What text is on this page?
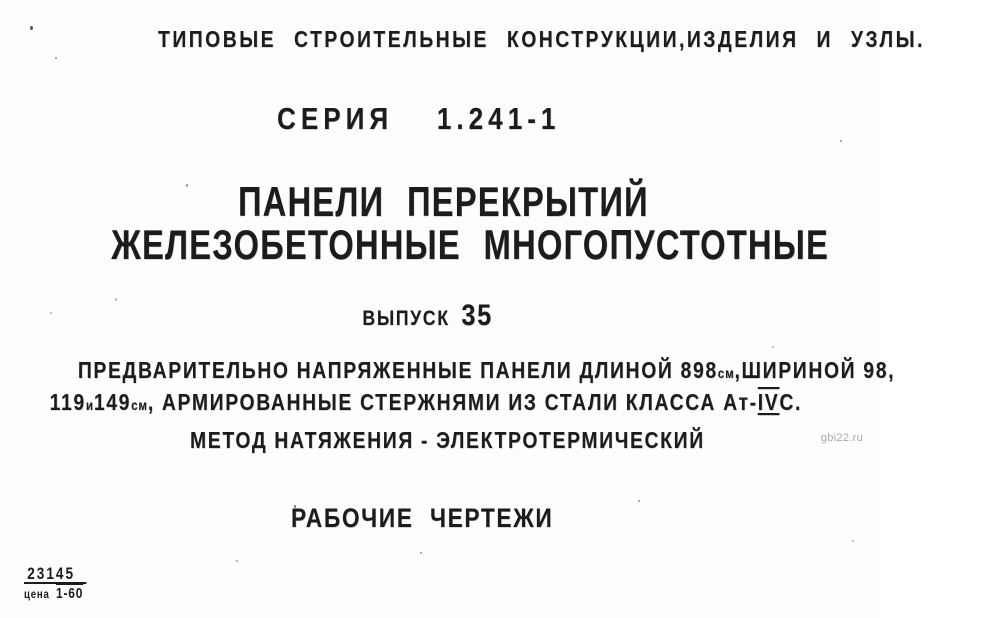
ТИПОВЫЕ СТРОИТЕЛЬНЫЕ КОНСТРУКЦИИ,ИЗДЕЛИЯ И УЗЛЫ.
СЕРИЯ 1.241-1
ПАНЕЛИ ПЕРЕКРЫТИЙ
ЖЕЛЕЗОБЕТОННЫЕ МНОГОПУСТОТНЫЕ
ВЫПУСК 35
ПРЕДВАРИТЕЛЬНО НАПРЯЖЕННЫЕ ПАНЕЛИ ДЛИНОЙ 898см,ШИРИНОЙ 98,
119и149см, АРМИРОВАННЫЕ СТЕРЖНЯМИ ИЗ СТАЛИ КЛАССА Ат-IVС.
МЕТОД НАТЯЖЕНИЯ - ЭЛЕКТРОТЕРМИЧЕСКИЙ	gbi22.ru
РАБОЧИЕ ЧЕРТЕЖИ
23145
цена 1-60
